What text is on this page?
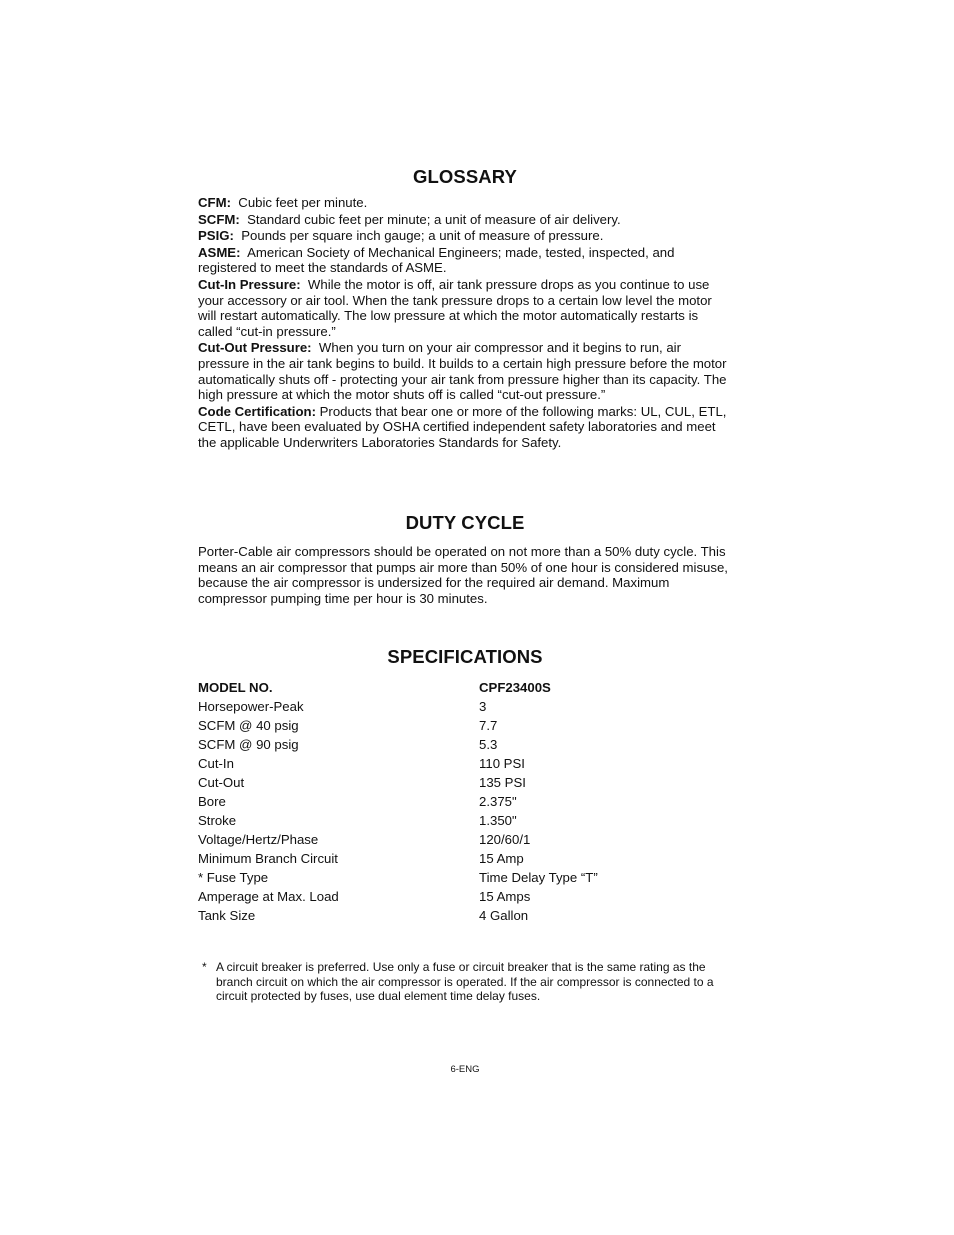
GLOSSARY

CFM: Cubic feet per minute.

SCFM: Standard cubic feet per minute; a unit of measure of air delivery.

PSIG: Pounds per square inch gauge; a unit of measure of pressure.

ASME: American Society of Mechanical Engineers; made, tested, inspected, and registered to meet the standards of ASME.

Cut-In Pressure: While the motor is off, air tank pressure drops as you continue to use your accessory or air tool. When the tank pressure drops to a certain low level the motor will restart automatically. The low pressure at which the motor automatically restarts is called “cut-in pressure.”

Cut-Out Pressure: When you turn on your air compressor and it begins to run, air pressure in the air tank begins to build. It builds to a certain high pressure before the motor automatically shuts off - protecting your air tank from pressure higher than its capacity. The high pressure at which the motor shuts off is called “cut-out pressure.”

Code Certification: Products that bear one or more of the following marks: UL, CUL, ETL, CETL, have been evaluated by OSHA certified independent safety laboratories and meet the applicable Underwriters Laboratories Standards for Safety.

DUTY CYCLE

Porter-Cable air compressors should be operated on not more than a 50% duty cycle. This means an air compressor that pumps air more than 50% of one hour is considered misuse, because the air compressor is undersized for the required air demand. Maximum compressor pumping time per hour is 30 minutes.

SPECIFICATIONS
MODEL NO.	CPF23400S
Horsepower-Peak	3
SCFM @ 40 psig	7.7
SCFM @ 90 psig	5.3
Cut-In	110 PSI
Cut-Out	135 PSI
Bore	2.375"
Stroke	1.350"
Voltage/Hertz/Phase	120/60/1
Minimum Branch Circuit	15 Amp
* Fuse Type	Time Delay Type “T”
Amperage at Max. Load	15 Amps
Tank Size	4 Gallon
* A circuit breaker is preferred. Use only a fuse or circuit breaker that is the same rating as the branch circuit on which the air compressor is operated. If the air compressor is connected to a circuit protected by fuses, use dual element time delay fuses.
6-ENG
